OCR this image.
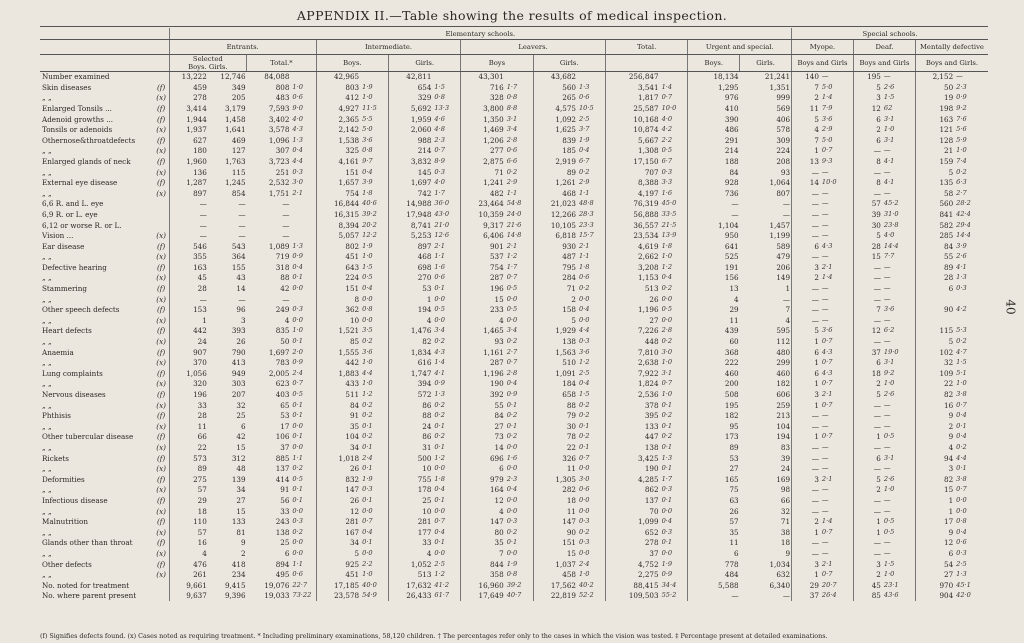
APPENDIX II.—Table showing the results of medical inspection.
40
		Elementary schools.																Special schools.					
		Entrants.				Intermediate.				Leavers.				Total.		Urgent and special.		Myope.		Deaf.		Mentally defective	
		Selected
Boys. Girls.		Total.*		Boys.		Girls.		Boys		Girls.				Boys.	Girls.	Boys and Girls		Boys and Girls		Boys and Girls.	
Number examined		13,222	12,746	84,088		42,965		42,811		43,301		43,682		256,847		18,134	21,241	140	—	195	—	2,152	—
Skin diseases	(f)	459	349	808	1·0	803	1·9	654	1·5	716	1·7	560	1·3	3,541	1·4	1,295	1,351	7	5·0	5	2·6	50	2·3
„ „	(x)	278	205	483	0·6	412	1·0	329	0·8	328	0·8	265	0·6	1,817	0·7	976	999	2	1·4	3	1·5	19	0·9
Enlarged Tonsils ...	(f)	3,414	3,179	7,593	9·0	4,927	11·5	5,692	13·3	3,800	8·8	4,575	10·5	25,587	10·0	410	569	11	7·9	12	62	198	9·2
Adenoid growths ...	(f)	1,944	1,458	3,402	4·0	2,365	5·5	1,959	4·6	1,350	3·1	1,092	2·5	10,168	4·0	390	406	5	3·6	6	3·1	163	7·6
Tonsils or adenoids	(x)	1,937	1,641	3,578	4·3	2,142	5·0	2,060	4·8	1,469	3·4	1,625	3·7	10,874	4·2	486	578	4	2·9	2	1·0	121	5·6
Othernose&throatdefects	(f)	627	469	1,096	1·3	1,538	3·6	988	2·3	1,206	2·8	839	1·9	5,667	2·2	291	309	7	5·0	6	3·1	128	5·9
„ „	(x)	180	127	307	0·4	325	0·8	214	0·7	277	0·6	185	0·4	1,308	0·5	214	224	1	0·7	—	—	21	1·0
Enlarged glands of neck	(f)	1,960	1,763	3,723	4·4	4,161	9·7	3,832	8·9	2,875	6·6	2,919	6·7	17,150	6·7	188	208	13	9·3	8	4·1	159	7·4
„ „	(x)	136	115	251	0·3	151	0·4	145	0·3	71	0·2	89	0·2	707	0·3	84	93	—	—	—	—	5	0·2
External eye disease	(f)	1,287	1,245	2,532	3·0	1,657	3·9	1,697	4·0	1,241	2·9	1,261	2·9	8,388	3·3	928	1,064	14	10·0	8	4·1	135	6·3
„ „	(x)	897	854	1,751	2·1	754	1·8	742	1·7	482	1·1	468	1·1	4,197	1·6	736	807	—	—	—	—	58	2·7
6,6 R. and L. eye		—	—	—		16,844	40·6	14,988	36·0	23,464	54·8	21,023	48·8	76,319	45·0	—	—	—	—	57	45·2	560	28·2
6,9 R. or L. eye		—	—	—		16,315	39·2	17,948	43·0	10,359	24·0	12,266	28·3	56,888	33·5	—	—	—	—	39	31·0	841	42·4
6,12 or worse R. or L.		—	—	—		8,394	20·2	8,741	21·0	9,317	21·6	10,105	23·3	36,557	21·5	1,104	1,457	—	—	30	23·8	582	29·4
Vision ...	(x)	—	—	—		5,057	12·2	5,253	12·6	6,406	14·8	6,818	15·7	23,534	13·9	950	1,199	—	—	5	4·0	285	14·4
Ear disease	(f)	546	543	1,089	1·3	802	1·9	897	2·1	901	2·1	930	2·1	4,619	1·8	641	589	6	4·3	28	14·4	84	3·9
„ „	(x)	355	364	719	0·9	451	1·0	468	1·1	537	1·2	487	1·1	2,662	1·0	525	479	—	—	15	7·7	55	2·6
Defective hearing	(f)	163	155	318	0·4	643	1·5	698	1·6	754	1·7	795	1·8	3,208	1·2	191	206	3	2·1	—	—	89	4·1
„ „	(x)	45	43	88	0·1	224	0·5	270	0·6	287	0·7	284	0·6	1,153	0·4	156	149	2	1·4	—	—	28	1·3
Stammering	(f)	28	14	42	0·0	151	0·4	53	0·1	196	0·5	71	0·2	513	0·2	13	1	—	—	—	—	6	0·3
„ „	(x)	—	—	—		8	0·0	1	0·0	15	0·0	2	0·0	26	0·0	4	—	—	—	—	—		
Other speech defects	(f)	153	96	249	0·3	362	0·8	194	0·5	233	0·5	158	0·4	1,196	0·5	29	7	—	—	7	3·6	90	4·2
„ „	(x)	1	3	4	0·0	10	0·0	4	0·0	4	0·0	5	0·0	27	0·0	11	4	—	—	—	—		
Heart defects	(f)	442	393	835	1·0	1,521	3·5	1,476	3·4	1,465	3·4	1,929	4·4	7,226	2·8	439	595	5	3·6	12	6·2	115	5·3
„ „	(x)	24	26	50	0·1	85	0·2	82	0·2	93	0·2	138	0·3	448	0·2	60	112	1	0·7	—	—	5	0·2
Anaemia	(f)	907	790	1,697	2·0	1,555	3·6	1,834	4·3	1,161	2·7	1,563	3·6	7,810	3·0	368	480	6	4·3	37	19·0	102	4·7
„ „	(x)	370	413	783	0·9	442	1·0	616	1·4	287	0·7	510	1·2	2,638	1·0	222	299	1	0·7	6	3·1	32	1·5
Lung complaints	(f)	1,056	949	2,005	2·4	1,883	4·4	1,747	4·1	1,196	2·8	1,091	2·5	7,922	3·1	460	460	6	4·3	18	9·2	109	5·1
„ „	(x)	320	303	623	0·7	433	1·0	394	0·9	190	0·4	184	0·4	1,824	0·7	200	182	1	0·7	2	1·0	22	1·0
Nervous diseases	(f)	196	207	403	0·5	511	1·2	572	1·3	392	0·9	658	1·5	2,536	1·0	508	606	3	2·1	5	2·6	82	3·8
„ „	(x)	33	32	65	0·1	84	0·2	86	0·2	55	0·1	88	0·2	378	0·1	195	259	1	0·7	—	—	16	0·7
Phthisis	(f)	28	25	53	0·1	91	0·2	88	0·2	84	0·2	79	0·2	395	0·2	182	213	—	—	—	—	9	0·4
„ „	(x)	11	6	17	0·0	35	0·1	24	0·1	27	0·1	30	0·1	133	0·1	95	104	—	—	—	—	2	0·1
Other tubercular disease	(f)	66	42	106	0·1	104	0·2	86	0·2	73	0·2	78	0·2	447	0·2	173	194	1	0·7	1	0·5	9	0·4
„ „	(x)	22	15	37	0·0	34	0·1	31	0·1	14	0·0	22	0·1	138	0·1	89	83	—	—	—	—	4	0·2
Rickets	(f)	573	312	885	1·1	1,018	2·4	500	1·2	696	1·6	326	0·7	3,425	1·3	53	39	—	—	6	3·1	94	4·4
„ „	(x)	89	48	137	0·2	26	0·1	10	0·0	6	0·0	11	0·0	190	0·1	27	24	—	—	—	—	3	0·1
Deformities	(f)	275	139	414	0·5	832	1·9	755	1·8	979	2·3	1,305	3·0	4,285	1·7	165	169	3	2·1	5	2·6	82	3·8
„ „	(x)	57	34	91	0·1	147	0·3	178	0·4	164	0·4	282	0·6	862	0·3	75	98	—	—	2	1·0	15	0·7
Infectious disease	(f)	29	27	56	0·1	26	0·1	25	0·1	12	0·0	18	0·0	137	0·1	63	66	—	—	—	—	1	0·0
„ „	(x)	18	15	33	0·0	12	0·0	10	0·0	4	0·0	11	0·0	70	0·0	26	32	—	—	—	—	1	0·0
Malnutrition	(f)	110	133	243	0·3	281	0·7	281	0·7	147	0·3	147	0·3	1,099	0·4	57	71	2	1·4	1	0·5	17	0·8
„ „	(x)	57	81	138	0·2	167	0·4	177	0·4	80	0·2	90	0·2	652	0·3	35	38	1	0·7	1	0·5	9	0·4
Glands other than throat	(f)	16	9	25	0·0	34	0·1	33	0·1	35	0·1	151	0·3	278	0·1	11	18	—	—	—	—	12	0·6
„ „	(x)	4	2	6	0·0	5	0·0	4	0·0	7	0·0	15	0·0	37	0·0	6	9	—	—	—	—	6	0·3
Other defects	(f)	476	418	894	1·1	925	2·2	1,052	2·5	844	1·9	1,037	2·4	4,752	1·9	778	1,034	3	2·1	3	1·5	54	2·5
„ „	(x)	261	234	495	0·6	451	1·0	513	1·2	358	0·8	458	1·0	2,275	0·9	484	632	1	0·7	2	1·0	27	1·3
No. noted for treatment		9,661	9,415	19,076	22·7	17,185	40·0	17,632	41·2	16,960	39·2	17,562	40·2	88,415	34·4	5,588	6,340	29	20·7	45	23·1	970	45·1
No. where parent present		9,637	9,396	19,033	73·22	23,578	54·9	26,433	61·7	17,649	40·7	22,819	52·2	109,503	55·2	—	—	37	26·4	85	43·6	904	42·0
(f) Signifies defects found. (x) Cases noted as requiring treatment. * Including preliminary examinations, 58,120 children. † The percentages refer only to the cases in which the vision was tested. ‡ Percentage present at detailed examinations.
